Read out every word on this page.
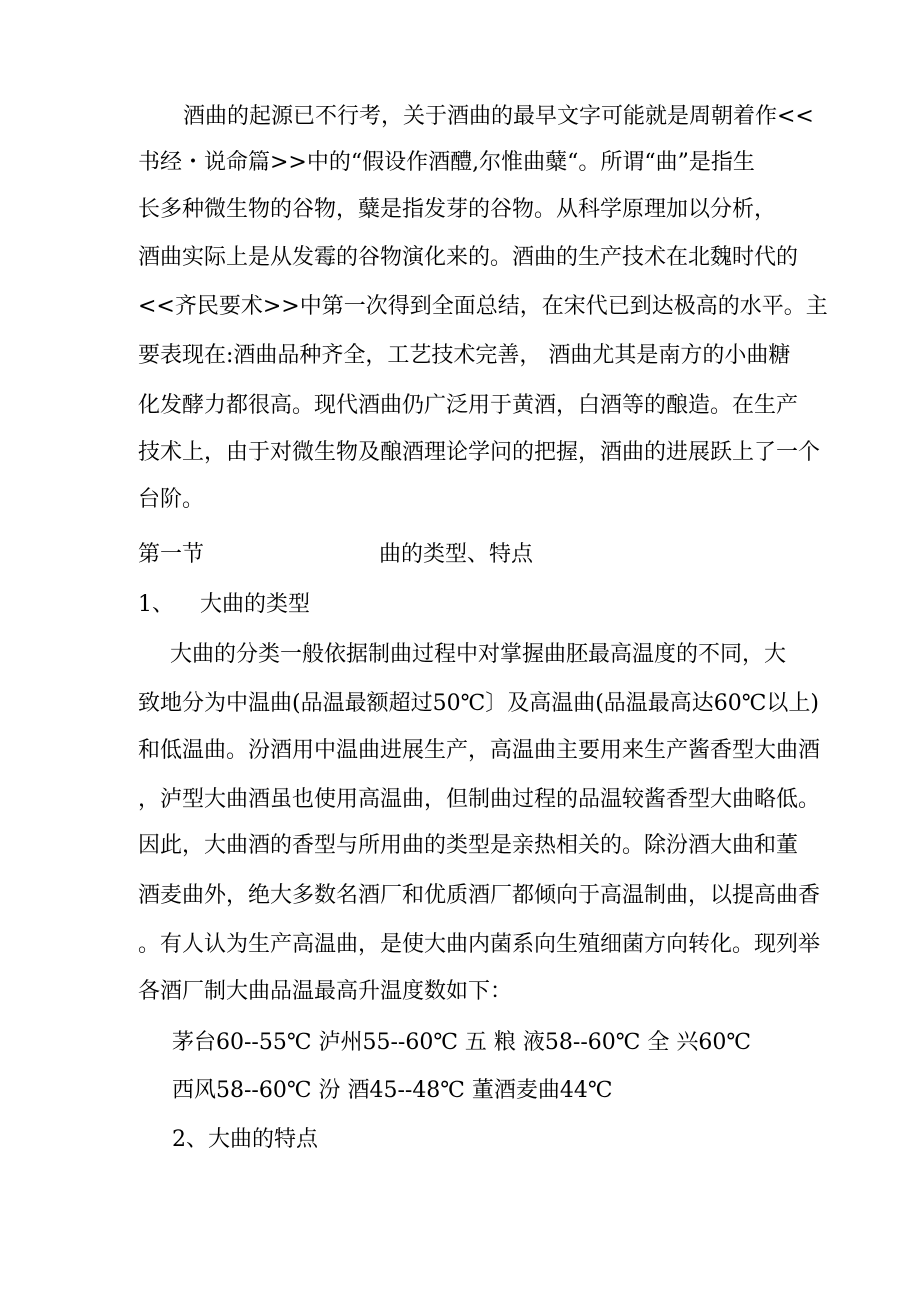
酒曲的起源已不行考，关于酒曲的最早文字可能就是周朝着作<<
书经・说命篇>>中的“假设作酒醴,尔惟曲糵“。所谓“曲”是指生
长多种微生物的谷物，糵是指发芽的谷物。从科学原理加以分析，
酒曲实际上是从发霉的谷物演化来的。酒曲的生产技术在北魏时代的
<<齐民要术>>中第一次得到全面总结，在宋代已到达极高的水平。主
要表现在:酒曲品种齐全，工艺技术完善， 酒曲尤其是南方的小曲糖
化发酵力都很高。现代酒曲仍广泛用于黄酒，白酒等的酿造。在生产
技术上，由于对微生物及酿酒理论学问的把握，酒曲的进展跃上了一个
台阶。
第一节	曲的类型、特点
1、 大曲的类型
大曲的分类一般依据制曲过程中对掌握曲胚最高温度的不同，大
致地分为中温曲(品温最额超过50℃〕及高温曲(品温最高达60℃以上)
和低温曲。汾酒用中温曲进展生产，高温曲主要用来生产酱香型大曲酒
，泸型大曲酒虽也使用高温曲，但制曲过程的品温较酱香型大曲略低。
因此，大曲酒的香型与所用曲的类型是亲热相关的。除汾酒大曲和董
酒麦曲外，绝大多数名酒厂和优质酒厂都倾向于高温制曲，以提高曲香
。有人认为生产高温曲，是使大曲内菌系向生殖细菌方向转化。现列举
各酒厂制大曲品温最高升温度数如下：
茅台60--55℃ 泸州55--60℃ 五 粮 液58--60℃ 全 兴60℃
西风58--60℃ 汾 酒45--48℃ 董酒麦曲44℃
2、大曲的特点
